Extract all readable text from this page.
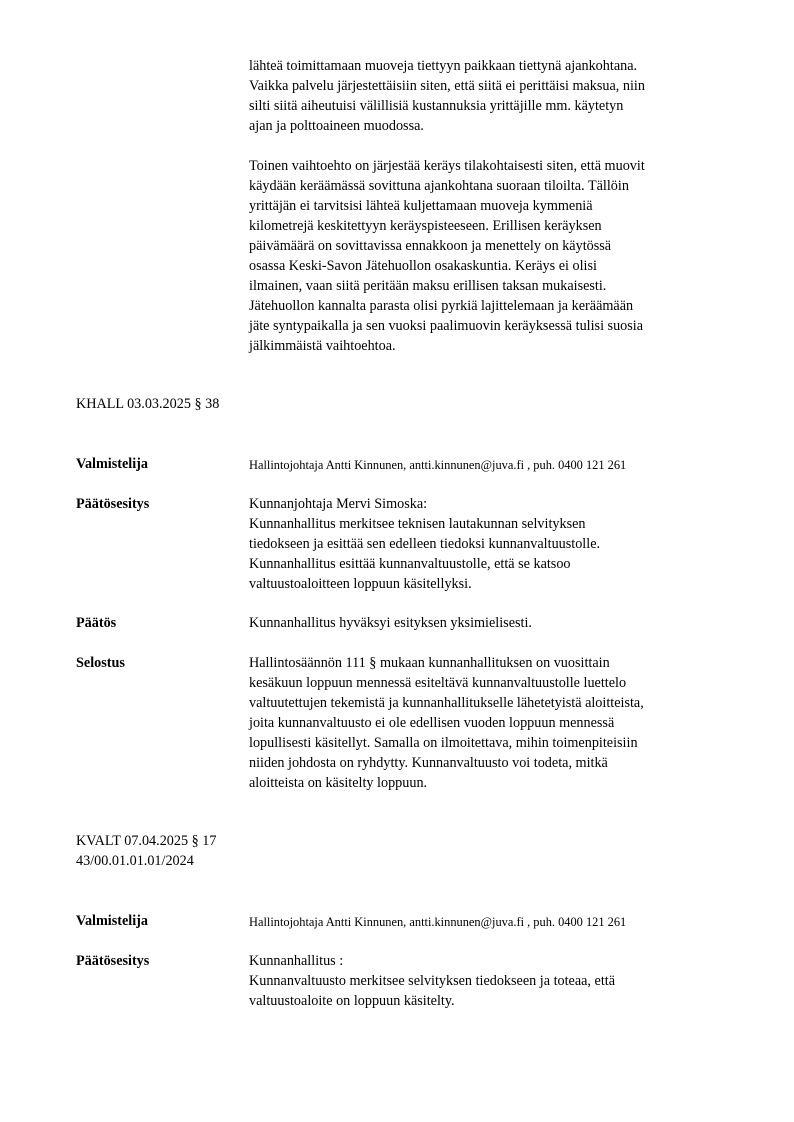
lähteä toimittamaan muoveja tiettyyn paikkaan tiettynä ajankohtana.
Vaikka palvelu järjestettäisiin siten, että siitä ei perittäisi maksua, niin
silti siitä aiheutuisi välillisiä kustannuksia yrittäjille mm. käytetyn
ajan ja polttoaineen muodossa.
Toinen vaihtoehto on järjestää keräys tilakohtaisesti siten, että muovit
käydään keräämässä sovittuna ajankohtana suoraan tiloilta. Tällöin
yrittäjän ei tarvitsisi lähteä kuljettamaan muoveja kymmeniä
kilometrejä keskitettyyn keräyspisteeseen. Erillisen keräyksen
päivämäärä on sovittavissa ennakkoon ja menettely on käytössä
osassa Keski-Savon Jätehuollon osakaskuntia. Keräys ei olisi
ilmainen, vaan siitä peritään maksu erillisen taksan mukaisesti.
Jätehuollon kannalta parasta olisi pyrkiä lajittelemaan ja keräämään
jäte syntypaikalla ja sen vuoksi paalimuovin keräyksessä tulisi suosia
jälkimmäistä vaihtoehtoa.
KHALL 03.03.2025 § 38
Valmistelija	Hallintojohtaja Antti Kinnunen, antti.kinnunen@juva.fi , puh. 0400 121 261
Päätösesitys	Kunnanjohtaja Mervi Simoska:
Kunnanhallitus merkitsee teknisen lautakunnan selvityksen
tiedokseen ja esittää sen edelleen tiedoksi kunnanvaltuustolle.
Kunnanhallitus esittää kunnanvaltuustolle, että se katsoo
valtuustoaloitteen loppuun käsitellyksi.
Päätös	Kunnanhallitus hyväksyi esityksen yksimielisesti.
Selostus	Hallintosäännön 111 § mukaan kunnanhallituksen on vuosittain
kesäkuun loppuun mennessä esiteltävä kunnanvaltuustolle luettelo
valtuutettujen tekemistä ja kunnanhallitukselle lähetetyistä aloitteista,
joita kunnanvaltuusto ei ole edellisen vuoden loppuun mennessä
lopullisesti käsitellyt. Samalla on ilmoitettava, mihin toimenpiteisiin
niiden johdosta on ryhdytty. Kunnanvaltuusto voi todeta, mitkä
aloitteista on käsitelty loppuun.
KVALT 07.04.2025 § 17
43/00.01.01.01/2024
Valmistelija	Hallintojohtaja Antti Kinnunen, antti.kinnunen@juva.fi , puh. 0400 121 261
Päätösesitys	Kunnanhallitus :
Kunnanvaltuusto merkitsee selvityksen tiedokseen ja toteaa, että
valtuustoaloite on loppuun käsitelty.
